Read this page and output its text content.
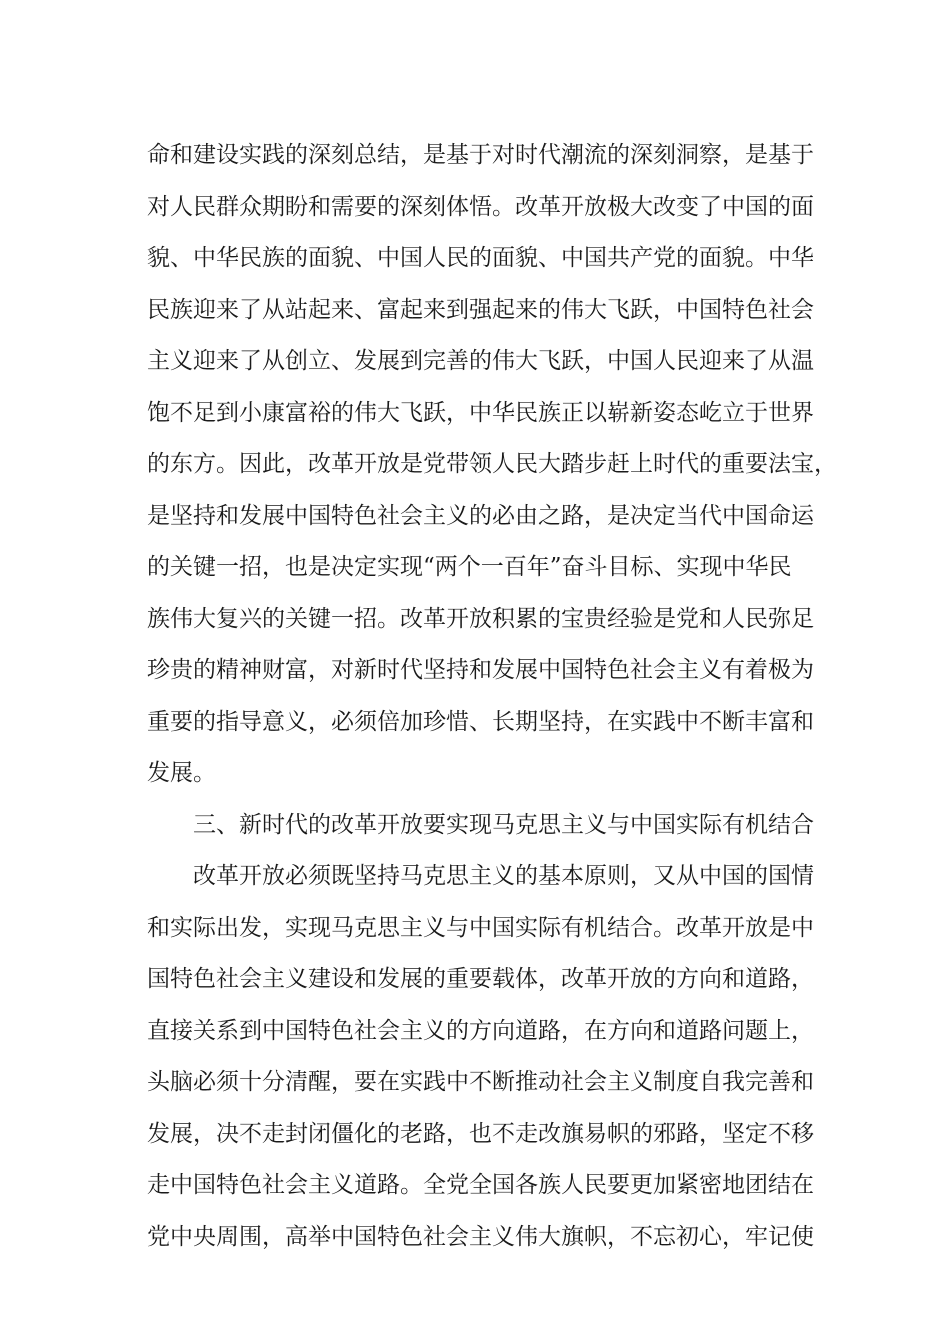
命和建设实践的深刻总结，是基于对时代潮流的深刻洞察，是基于
对人民群众期盼和需要的深刻体悟。改革开放极大改变了中国的面
貌、中华民族的面貌、中国人民的面貌、中国共产党的面貌。中华
民族迎来了从站起来、富起来到强起来的伟大飞跃，中国特色社会
主义迎来了从创立、发展到完善的伟大飞跃，中国人民迎来了从温
饱不足到小康富裕的伟大飞跃，中华民族正以崭新姿态屹立于世界
的东方。因此，改革开放是党带领人民大踏步赶上时代的重要法宝，
是坚持和发展中国特色社会主义的必由之路，是决定当代中国命运
的关键一招，也是决定实现“两个一百年”奋斗目标、实现中华民
族伟大复兴的关键一招。改革开放积累的宝贵经验是党和人民弥足
珍贵的精神财富，对新时代坚持和发展中国特色社会主义有着极为
重要的指导意义，必须倍加珍惜、长期坚持，在实践中不断丰富和
发展。
三、新时代的改革开放要实现马克思主义与中国实际有机结合
改革开放必须既坚持马克思主义的基本原则，又从中国的国情
和实际出发，实现马克思主义与中国实际有机结合。改革开放是中
国特色社会主义建设和发展的重要载体，改革开放的方向和道路，
直接关系到中国特色社会主义的方向道路，在方向和道路问题上，
头脑必须十分清醒，要在实践中不断推动社会主义制度自我完善和
发展，决不走封闭僵化的老路，也不走改旗易帜的邪路，坚定不移
走中国特色社会主义道路。全党全国各族人民要更加紧密地团结在
党中央周围，高举中国特色社会主义伟大旗帜，不忘初心，牢记使
